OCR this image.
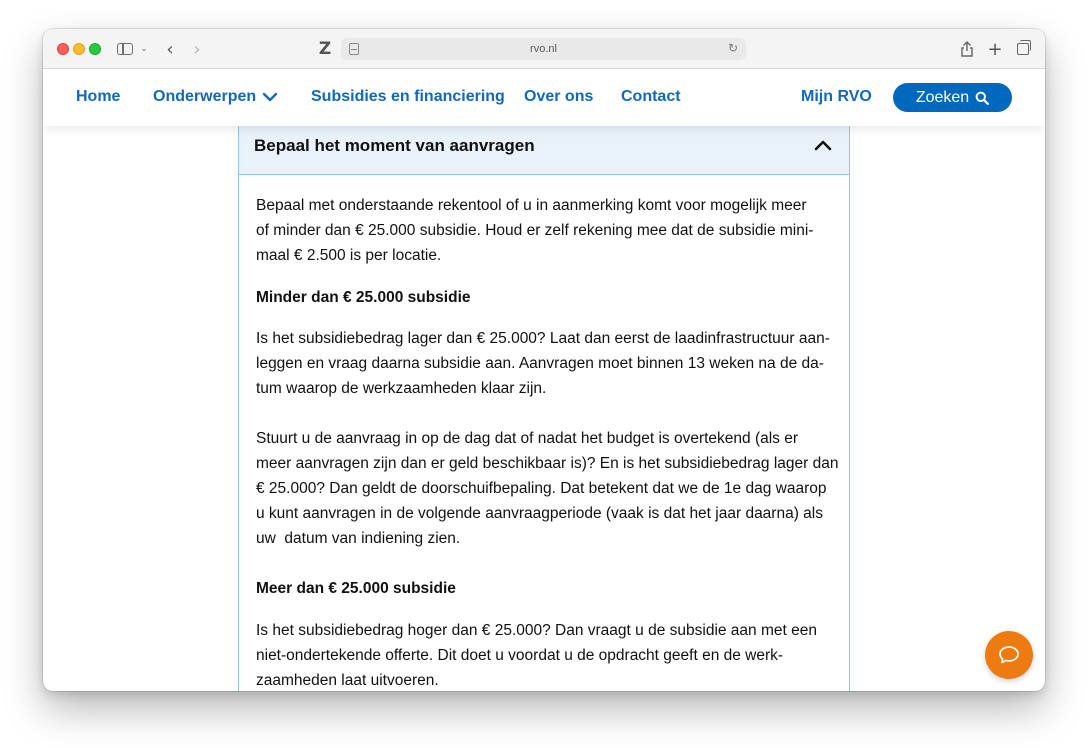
⌄ ‹ ›	Z	rvo.nl	↻	+
Home Onderwerpen	Subsidies en financiering Over ons Contact	Mijn RVO	Zoeken
Bepaal het moment van aanvragen
Bepaal met onderstaande rekentool of u in aanmerking komt voor mogelijk meer
of minder dan € 25.000 subsidie. Houd er zelf rekening mee dat de subsidie mini-
maal € 2.500 is per locatie.
Minder dan € 25.000 subsidie
Is het subsidiebedrag lager dan € 25.000? Laat dan eerst de laadinfrastructuur aan-
leggen en vraag daarna subsidie aan. Aanvragen moet binnen 13 weken na de da-
tum waarop de werkzaamheden klaar zijn.
Stuurt u de aanvraag in op de dag dat of nadat het budget is overtekend (als er
meer aanvragen zijn dan er geld beschikbaar is)? En is het subsidiebedrag lager dan
€ 25.000? Dan geldt de doorschuifbepaling. Dat betekent dat we de 1e dag waarop
u kunt aanvragen in de volgende aanvraagperiode (vaak is dat het jaar daarna) als
uw  datum van indiening zien.
Meer dan € 25.000 subsidie
Is het subsidiebedrag hoger dan € 25.000? Dan vraagt u de subsidie aan met een
niet-ondertekende offerte. Dit doet u voordat u de opdracht geeft en de werk-
zaamheden laat uitvoeren.
